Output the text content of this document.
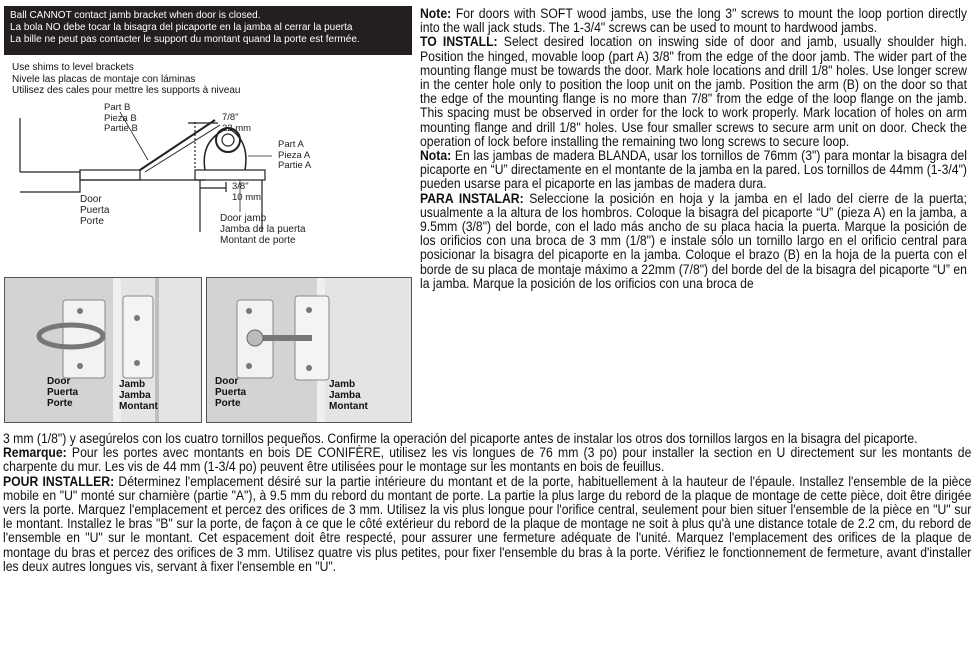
Ball CANNOT contact jamb bracket when door is closed.
La bola NO debe tocar la bisagra del picaporte en la jamba al cerrar la puerta
La bille ne peut pas contacter le support du montant quand la porte est fermée.
Use shims to level brackets
Nivele las placas de montaje con láminas
Utilisez des cales pour mettre les supports à niveau
Part B
Pieza B
Partie B
7/8"
22 mm
Part A
Pieza A
Partie A
3/8"
10 mm
Door
Puerta
Porte	Door jamb
Jamba de la puerta
Montant de porte
Door
Puerta
Porte
Jamb
Jamba
Montant
Door
Puerta
Porte
Jamb
Jamba
Montant

Note: For doors with SOFT wood jambs, use the long 3" screws to mount the loop portion directly into the wall jack studs. The 1-3/4" screws can be used to mount to hardwood jambs.

TO INSTALL: Select desired location on inswing side of door and jamb, usually shoulder high. Position the hinged, movable loop (part A) 3/8" from the edge of the door jamb. The wider part of the mounting flange must be towards the door. Mark hole locations and drill 1/8" holes. Use longer screw in the center hole only to position the loop unit on the jamb. Position the arm (B) on the door so that the edge of the mounting flange is no more than 7/8" from the edge of the loop flange on the jamb. This spacing must be observed in order for the lock to work properly. Mark location of holes on arm mounting flange and drill 1/8" holes. Use four smaller screws to secure arm unit on door. Check the operation of lock before installing the remaining two long screws to secure loop.

Nota: En las jambas de madera BLANDA, usar los tornillos de 76mm (3") para montar la bisagra del picaporte en “U” directamente en el montante de la jamba en la pared. Los tornillos de 44mm (1-3/4") pueden usarse para el picaporte en las jambas de madera dura.

PARA INSTALAR: Seleccione la posición en hoja y la jamba en el lado del cierre de la puerta; usualmente a la altura de los hombros. Coloque la bisagra del picaporte “U” (pieza A) en la jamba, a 9.5mm (3/8") del borde, con el lado más ancho de su placa hacia la puerta. Marque la posición de los orificios con una broca de 3 mm (1/8") e instale sólo un tornillo largo en el orificio central para posicionar la bisagra del picaporte en la jamba. Coloque el brazo (B) en la hoja de la puerta con el borde de su placa de montaje máximo a 22mm (7/8") del borde del de la bisagra del picaporte “U” en la jamba. Marque la posición de los orificios con una broca de

3 mm (1/8") y asegúrelos con los cuatro tornillos pequeños. Confirme la operación del picaporte antes de instalar los otros dos tornillos largos en la bisagra del picaporte.

Remarque: Pour les portes avec montants en bois DE CONIFÈRE, utilisez les vis longues de 76 mm (3 po) pour installer la section en U directement sur les montants de charpente du mur. Les vis de 44 mm (1-3/4 po) peuvent être utilisées pour le montage sur les montants en bois de feuillus.

POUR INSTALLER: Déterminez l'emplacement désiré sur la partie intérieure du montant et de la porte, habituellement à la hauteur de l'épaule. Installez l'ensemble de la pièce mobile en "U" monté sur charnière (partie "A"), à 9.5 mm du rebord du montant de porte. La partie la plus large du rebord de la plaque de montage de cette pièce, doit être dirigée vers la porte. Marquez l'emplacement et percez des orifices de 3 mm. Utilisez la vis plus longue pour l'orifice central, seulement pour bien situer l'ensemble de la pièce en "U" sur le montant. Installez le bras "B" sur la porte, de façon à ce que le côté extérieur du rebord de la plaque de montage ne soit à plus qu'à une distance totale de 2.2 cm, du rebord de l'ensemble en "U" sur le montant. Cet espacement doit être respecté, pour assurer une fermeture adéquate de l'unité. Marquez l'emplacement des orifices de la plaque de montage du bras et percez des orifices de 3 mm. Utilisez quatre vis plus petites, pour fixer l'ensemble du bras à la porte. Vérifiez le fonctionnement de fermeture, avant d'installer les deux autres longues vis, servant à fixer l'ensemble en "U".
